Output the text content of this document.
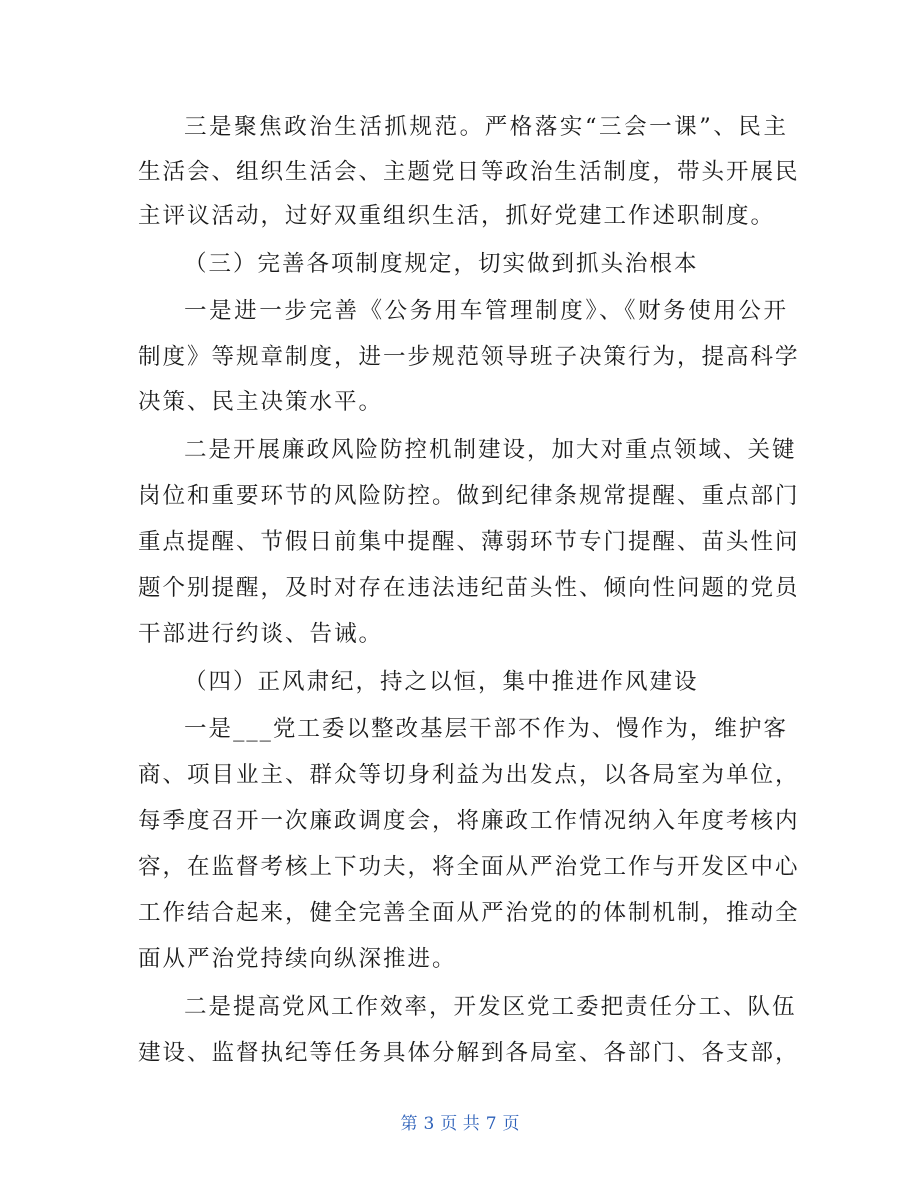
三是聚焦政治生活抓规范。严格落实“三会一课”、民主
生活会、组织生活会、主题党日等政治生活制度，带头开展民
主评议活动，过好双重组织生活，抓好党建工作述职制度。
（三）完善各项制度规定，切实做到抓头治根本
一是进一步完善《公务用车管理制度》、《财务使用公开
制度》等规章制度，进一步规范领导班子决策行为，提高科学
决策、民主决策水平。
二是开展廉政风险防控机制建设，加大对重点领域、关键
岗位和重要环节的风险防控。做到纪律条规常提醒、重点部门
重点提醒、节假日前集中提醒、薄弱环节专门提醒、苗头性问
题个别提醒，及时对存在违法违纪苗头性、倾向性问题的党员
干部进行约谈、告诫。
（四）正风肃纪，持之以恒，集中推进作风建设
一是___党工委以整改基层干部不作为、慢作为，维护客
商、项目业主、群众等切身利益为出发点，以各局室为单位，
每季度召开一次廉政调度会，将廉政工作情况纳入年度考核内
容，在监督考核上下功夫，将全面从严治党工作与开发区中心
工作结合起来，健全完善全面从严治党的的体制机制，推动全
面从严治党持续向纵深推进。
二是提高党风工作效率，开发区党工委把责任分工、队伍
建设、监督执纪等任务具体分解到各局室、各部门、各支部，
第 3 页 共 7 页
